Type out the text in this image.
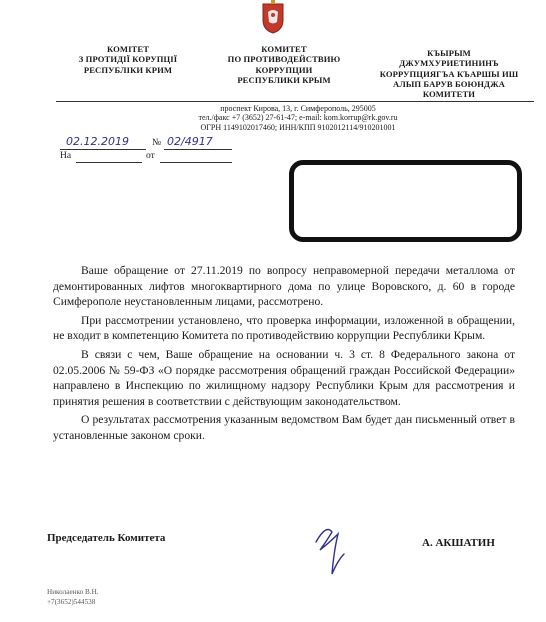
КОМІТЕТ
З ПРОТИДІЇ КОРУПЦІЇ
РЕСПУБЛІКИ КРИМ
КОМИТЕТ
ПО ПРОТИВОДЕЙСТВИЮ
КОРРУПЦИИ
РЕСПУБЛИКИ КРЫМ
КЪЫРЫМ
ДЖУМХУРИЕТИНИНЪ
КОРРУПЦИЯГЪА КЪАРШЫ ИШ
АЛЫП БАРУВ БОЮНДЖА
КОМИТЕТИ
проспект Кирова, 13, г. Симферополь, 295005
тел./факс +7 (3652) 27-61-47; e-mail: kom.korrup@rk.gov.ru
ОГРН 1149102017460; ИНН/КПП 9102012114/910201001
02.12.2019 № 02/4917
На	от

Ваше обращение от 27.11.2019 по вопросу неправомерной передачи металлома от демонтированных лифтов многоквартирного дома по улице Воровского, д. 60 в городе Симферополе неустановленным лицами, рассмотрено.

При рассмотрении установлено, что проверка информации, изложенной в обращении, не входит в компетенцию Комитета по противодействию коррупции Республики Крым.

В связи с чем, Ваше обращение на основании ч. 3 ст. 8 Федерального закона от 02.05.2006 № 59-ФЗ «О порядке рассмотрения обращений граждан Российской Федерации» направлено в Инспекцию по жилищному надзору Республики Крым для рассмотрения и принятия решения в соответствии с действующим законодательством.

О результатах рассмотрения указанным ведомством Вам будет дан письменный ответ в установленные законом сроки.

Председатель Комитета	А. АКШАТИН
Николаенко В.Н.
+7(3652)544538
